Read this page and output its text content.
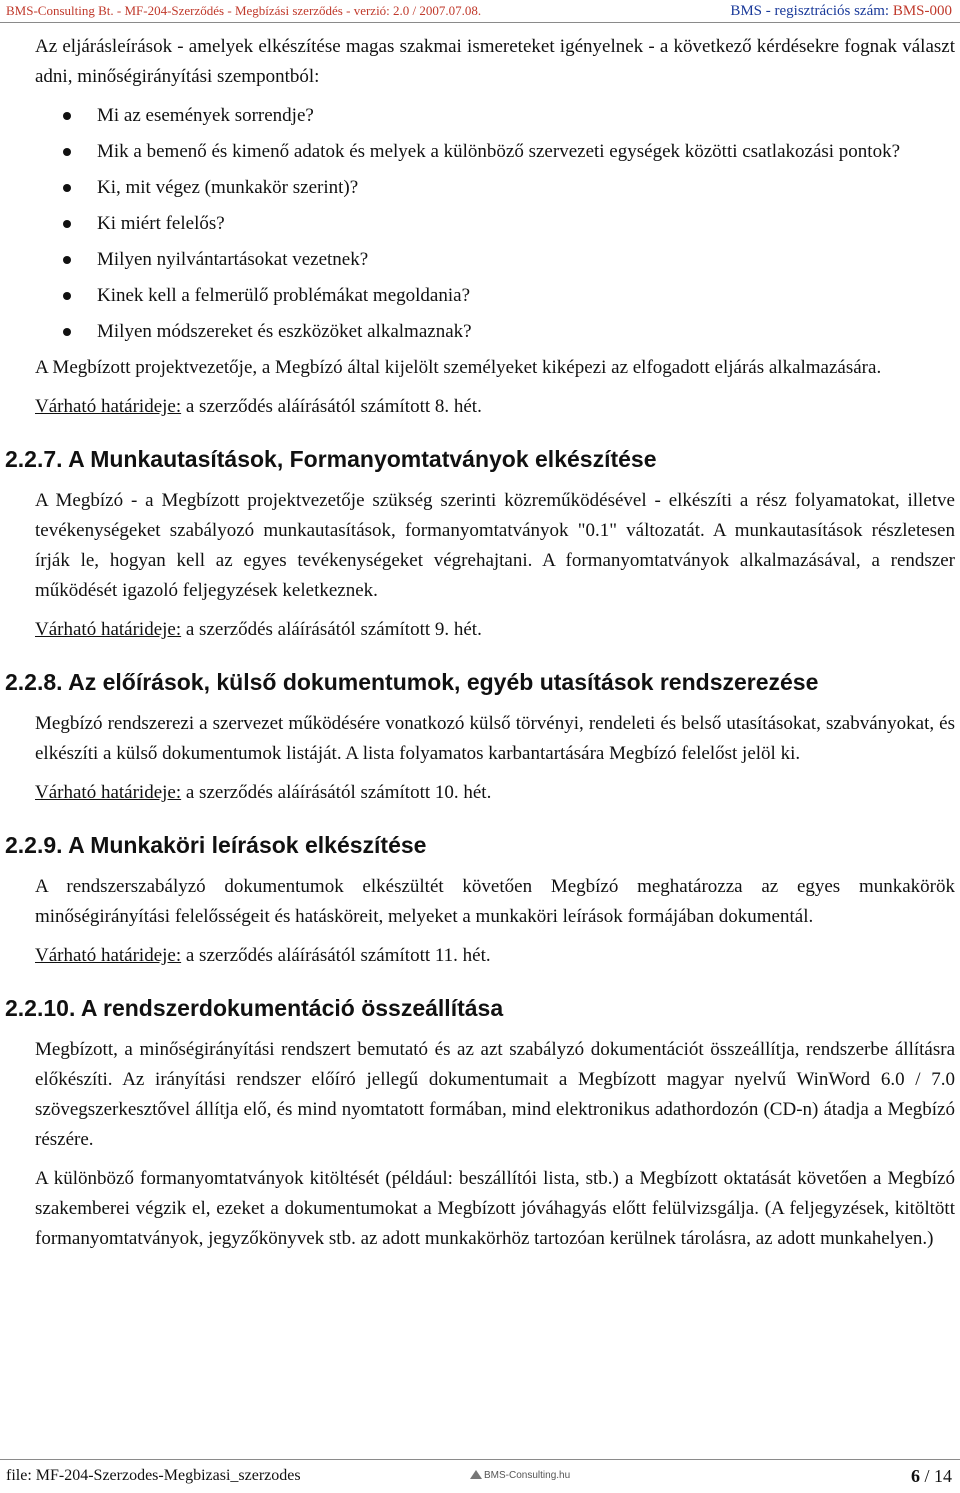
BMS-Consulting Bt. - MF-204-Szerződés - Megbízási szerződés - verzió: 2.0 / 2007.07.08.	BMS - regisztrációs szám: BMS-000

Az eljárásleírások - amelyek elkészítése magas szakmai ismereteket igényelnek - a következő kérdésekre fognak választ adni, minőségirányítási szempontból:

Mi az események sorrendje?
Mik a bemenő és kimenő adatok és melyek a különböző szervezeti egységek közötti csatlakozási pontok?
Ki, mit végez (munkakör szerint)?
Ki miért felelős?
Milyen nyilvántartásokat vezetnek?
Kinek kell a felmerülő problémákat megoldania?
Milyen módszereket és eszközöket alkalmaznak?

A Megbízott projektvezetője, a Megbízó által kijelölt személyeket kiképezi az elfogadott eljárás alkalmazására.

Várható határideje: a szerződés aláírásától számított 8. hét.

2.2.7. A Munkautasítások, Formanyomtatványok elkészítése

A Megbízó - a Megbízott projektvezetője szükség szerinti közreműködésével - elkészíti a rész folyamatokat, illetve tevékenységeket szabályozó munkautasítások, formanyomtatványok "0.1" változatát. A munkautasítások részletesen írják le, hogyan kell az egyes tevékenységeket végrehajtani. A formanyomtatványok alkalmazásával, a rendszer működését igazoló feljegyzések keletkeznek.

Várható határideje: a szerződés aláírásától számított 9. hét.

2.2.8. Az előírások, külső dokumentumok, egyéb utasítások rendszerezése

Megbízó rendszerezi a szervezet működésére vonatkozó külső törvényi, rendeleti és belső utasításokat, szabványokat, és elkészíti a külső dokumentumok listáját. A lista folyamatos karbantartására Megbízó felelőst jelöl ki.

Várható határideje: a szerződés aláírásától számított 10. hét.

2.2.9. A Munkaköri leírások elkészítése

A rendszerszabályzó dokumentumok elkészültét követően Megbízó meghatározza az egyes munkakörök minőségirányítási felelősségeit és hatásköreit, melyeket a munkaköri leírások formájában dokumentál.

Várható határideje: a szerződés aláírásától számított 11. hét.

2.2.10. A rendszerdokumentáció összeállítása

Megbízott, a minőségirányítási rendszert bemutató és az azt szabályzó dokumentációt összeállítja, rendszerbe állításra előkészíti. Az irányítási rendszer előíró jellegű dokumentumait a Megbízott magyar nyelvű WinWord 6.0 / 7.0 szövegszerkesztővel állítja elő, és mind nyomtatott formában, mind elektronikus adathordozón (CD-n) átadja a Megbízó részére.

A különböző formanyomtatványok kitöltését (például: beszállítói lista, stb.) a Megbízott oktatását követően a Megbízó szakemberei végzik el, ezeket a dokumentumokat a Megbízott jóváhagyás előtt felülvizsgálja. (A feljegyzések, kitöltött formanyomtatványok, jegyzőkönyvek stb. az adott munkakörhöz tartozóan kerülnek tárolásra, az adott munkahelyen.)

file: MF-204-Szerzodes-Megbizasi_szerzodes	BMS-Consulting.hu	6 / 14
